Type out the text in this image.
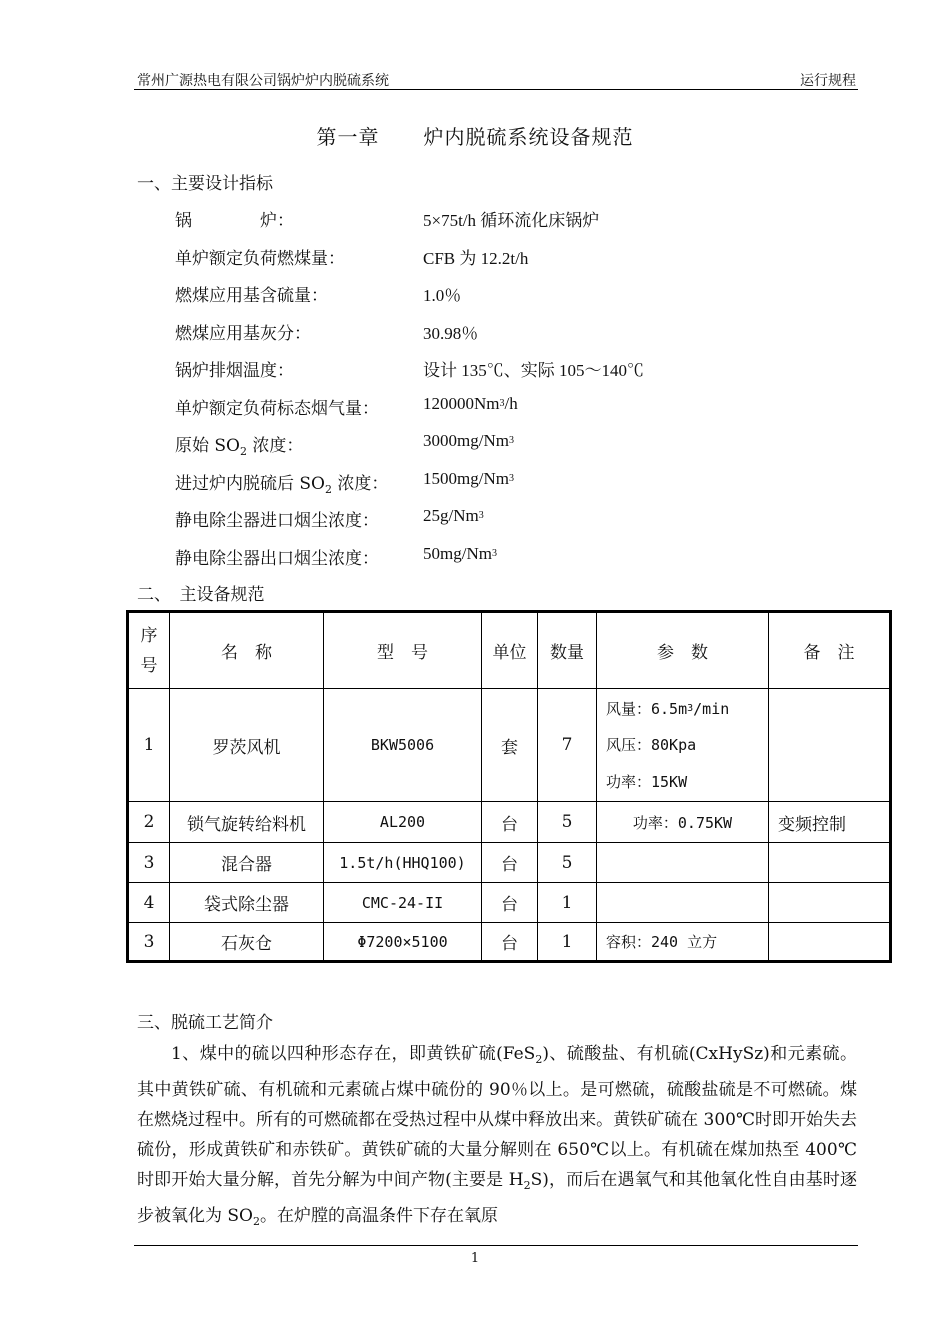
常州广源热电有限公司锅炉炉内脱硫系统	运行规程
第一章 炉内脱硫系统设备规范
一、主要设计指标
锅　　　　炉：	5×75t/h 循环流化床锅炉
单炉额定负荷燃煤量：	CFB 为 12.2t/h
燃煤应用基含硫量：	1.0％
燃煤应用基灰分：	30.98％
锅炉排烟温度：	设计 135℃、实际 105～140℃
单炉额定负荷标态烟气量：	120000Nm$^3$/h
原始 $SO_2$ 浓度：	3000mg/Nm$^3$
进过炉内脱硫后 $SO_2$ 浓度： 1500mg/Nm$^3$
静电除尘器进口烟尘浓度：	25g/Nm$^3$
静电除尘器出口烟尘浓度：	50mg/Nm$^3$
二、　主设备规范
序号	名　称	型　号	单位	数量	参　数	备　注
1	罗茨风机	BKW5006	套	7	风量：$6.5m^3/\min$
风压：80Kpa
功率：15KW	

2	锁气旋转给料机	AL200	台	5	功率：0.75KW	变频控制
3	混合器	1.5t/h(HHQ100)	台	5		
4	袋式除尘器	CMC-24-II	台	1		
3	石灰仓	Φ7200×5100	台	1	容积：240 立方	
三、脱硫工艺简介

1、煤中的硫以四种形态存在，即黄铁矿硫(FeS$_2$)、硫酸盐、有机硫(CxHySz)和元素硫。其中黄铁矿硫、有机硫和元素硫占煤中硫份的 90％以上。是可燃硫，硫酸盐硫是不可燃硫。煤在燃烧过程中。所有的可燃硫都在受热过程中从煤中释放出来。黄铁矿硫在 300℃时即开始失去硫份，形成黄铁矿和赤铁矿。黄铁矿硫的大量分解则在 650℃以上。有机硫在煤加热至 400℃时即开始大量分解，首先分解为中间产物(主要是 $H_2S$)，而后在遇氧气和其他氧化性自由基时逐步被氧化为 $SO_2$。在炉膛的高温条件下存在氧原

1
